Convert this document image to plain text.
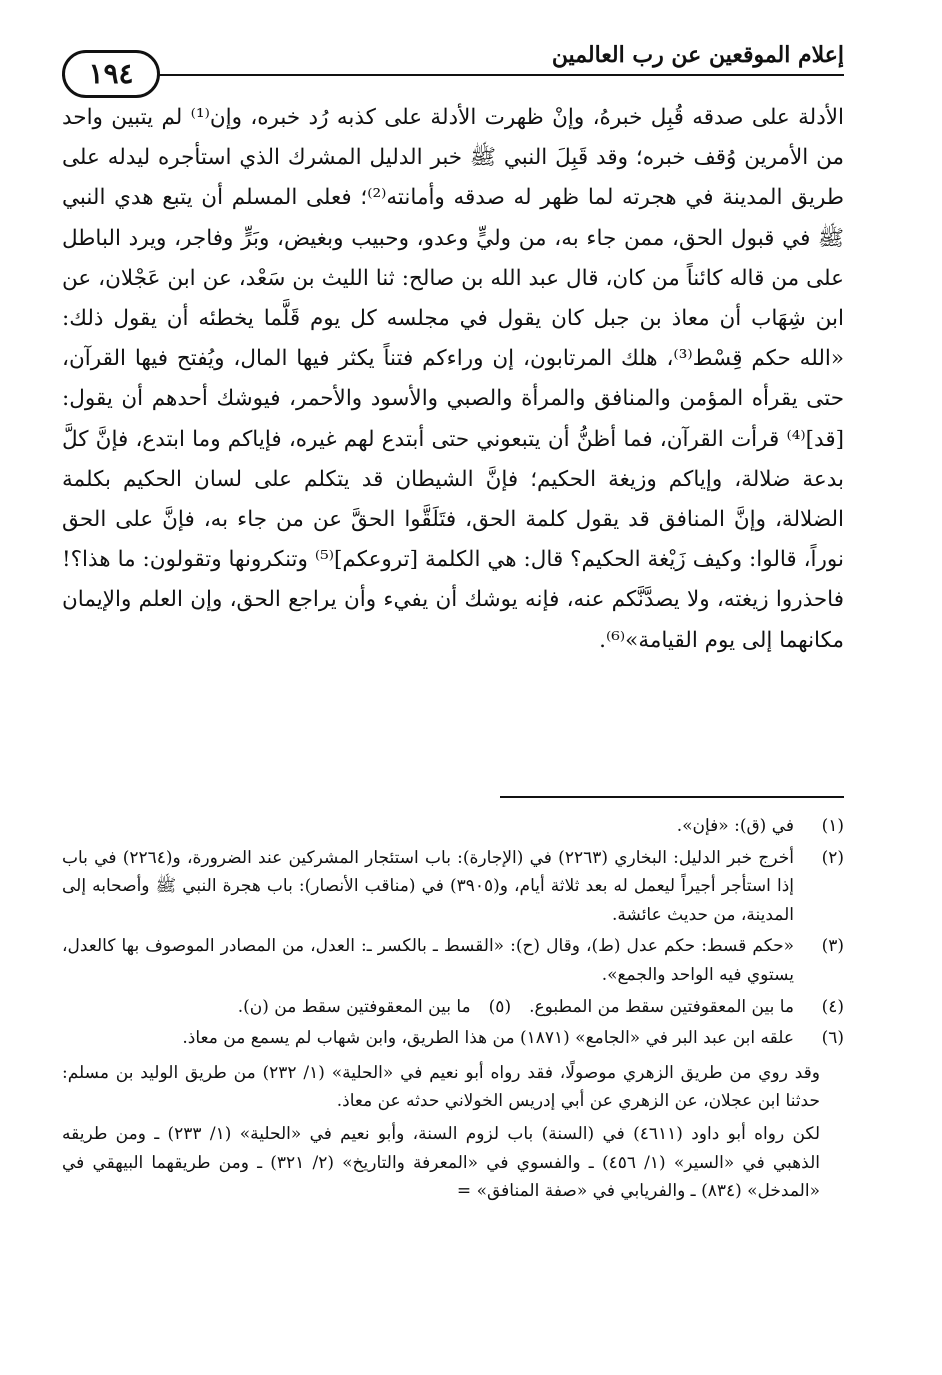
إعلام الموقعين عن رب العالمين
١٩٤

الأدلة على صدقه قُبِل خبرهُ، وإنْ ظهرت الأدلة على كذبه رُد خبره، وإن⁽¹⁾ لم يتبين واحد من الأمرين وُقف خبره؛ وقد قَبِلَ النبي ﷺ خبر الدليل المشرك الذي استأجره ليدله على طريق المدينة في هجرته لما ظهر له صدقه وأمانته⁽²⁾؛ فعلى المسلم أن يتبع هدي النبي ﷺ في قبول الحق، ممن جاء به، من وليٍّ وعدو، وحبيب وبغيض، وبَرٍّ وفاجر، ويرد الباطل على من قاله كائناً من كان، قال عبد الله بن صالح: ثنا الليث بن سَعْد، عن ابن عَجْلان، عن ابن شِهَاب أن معاذ بن جبل كان يقول في مجلسه كل يوم قَلَّما يخطئه أن يقول ذلك: «الله حكم قِسْط⁽³⁾، هلك المرتابون، إن وراءكم فتناً يكثر فيها المال، ويُفتح فيها القرآن، حتى يقرأه المؤمن والمنافق والمرأة والصبي والأسود والأحمر، فيوشك أحدهم أن يقول: [قد]⁽⁴⁾ قرأت القرآن، فما أظنُّ أن يتبعوني حتى أبتدع لهم غيره، فإياكم وما ابتدع، فإنَّ كلَّ بدعة ضلالة، وإياكم وزيغة الحكيم؛ فإنَّ الشيطان قد يتكلم على لسان الحكيم بكلمة الضلالة، وإنَّ المنافق قد يقول كلمة الحق، فتَلَقَّوا الحقَّ عن من جاء به، فإنَّ على الحق نوراً، قالوا: وكيف زَيْغة الحكيم؟ قال: هي الكلمة [تروعكم]⁽⁵⁾ وتنكرونها وتقولون: ما هذا؟! فاحذروا زيغته، ولا يصدَّنَّكم عنه، فإنه يوشك أن يفيء وأن يراجع الحق، وإن العلم والإيمان مكانهما إلى يوم القيامة»⁽⁶⁾.

(١)
في (ق): «فإن».
(٢)
أخرج خبر الدليل: البخاري (٢٢٦٣) في (الإجارة): باب استئجار المشركين عند الضرورة، و(٢٢٦٤) في باب إذا استأجر أجيراً ليعمل له بعد ثلاثة أيام، و(٣٩٠٥) في (مناقب الأنصار): باب هجرة النبي ﷺ وأصحابه إلى المدينة، من حديث عائشة.
(٣)
«حكم قسط: حكم عدل (ط)، وقال (ح): «القسط ـ بالكسر ـ: العدل، من المصادر الموصوف بها كالعدل، يستوي فيه الواحد والجمع».
(٤)
ما بين المعقوفتين سقط من المطبوع.
(٥)
ما بين المعقوفتين سقط من (ن).
(٦)
علقه ابن عبد البر في «الجامع» (١٨٧١) من هذا الطريق، وابن شهاب لم يسمع من معاذ.
وقد روي من طريق الزهري موصولًا، فقد رواه أبو نعيم في «الحلية» (١/ ٢٣٢) من طريق الوليد بن مسلم: حدثنا ابن عجلان، عن الزهري عن أبي إدريس الخولاني حدثه عن معاذ.
لكن رواه أبو داود (٤٦١١) في (السنة) باب لزوم السنة، وأبو نعيم في «الحلية» (١/ ٢٣٣) ـ ومن طريقه الذهبي في «السير» (١/ ٤٥٦) ـ والفسوي في «المعرفة والتاريخ» (٢/ ٣٢١) ـ ومن طريقهما البيهقي في «المدخل» (٨٣٤) ـ والفريابي في «صفة المنافق» =
